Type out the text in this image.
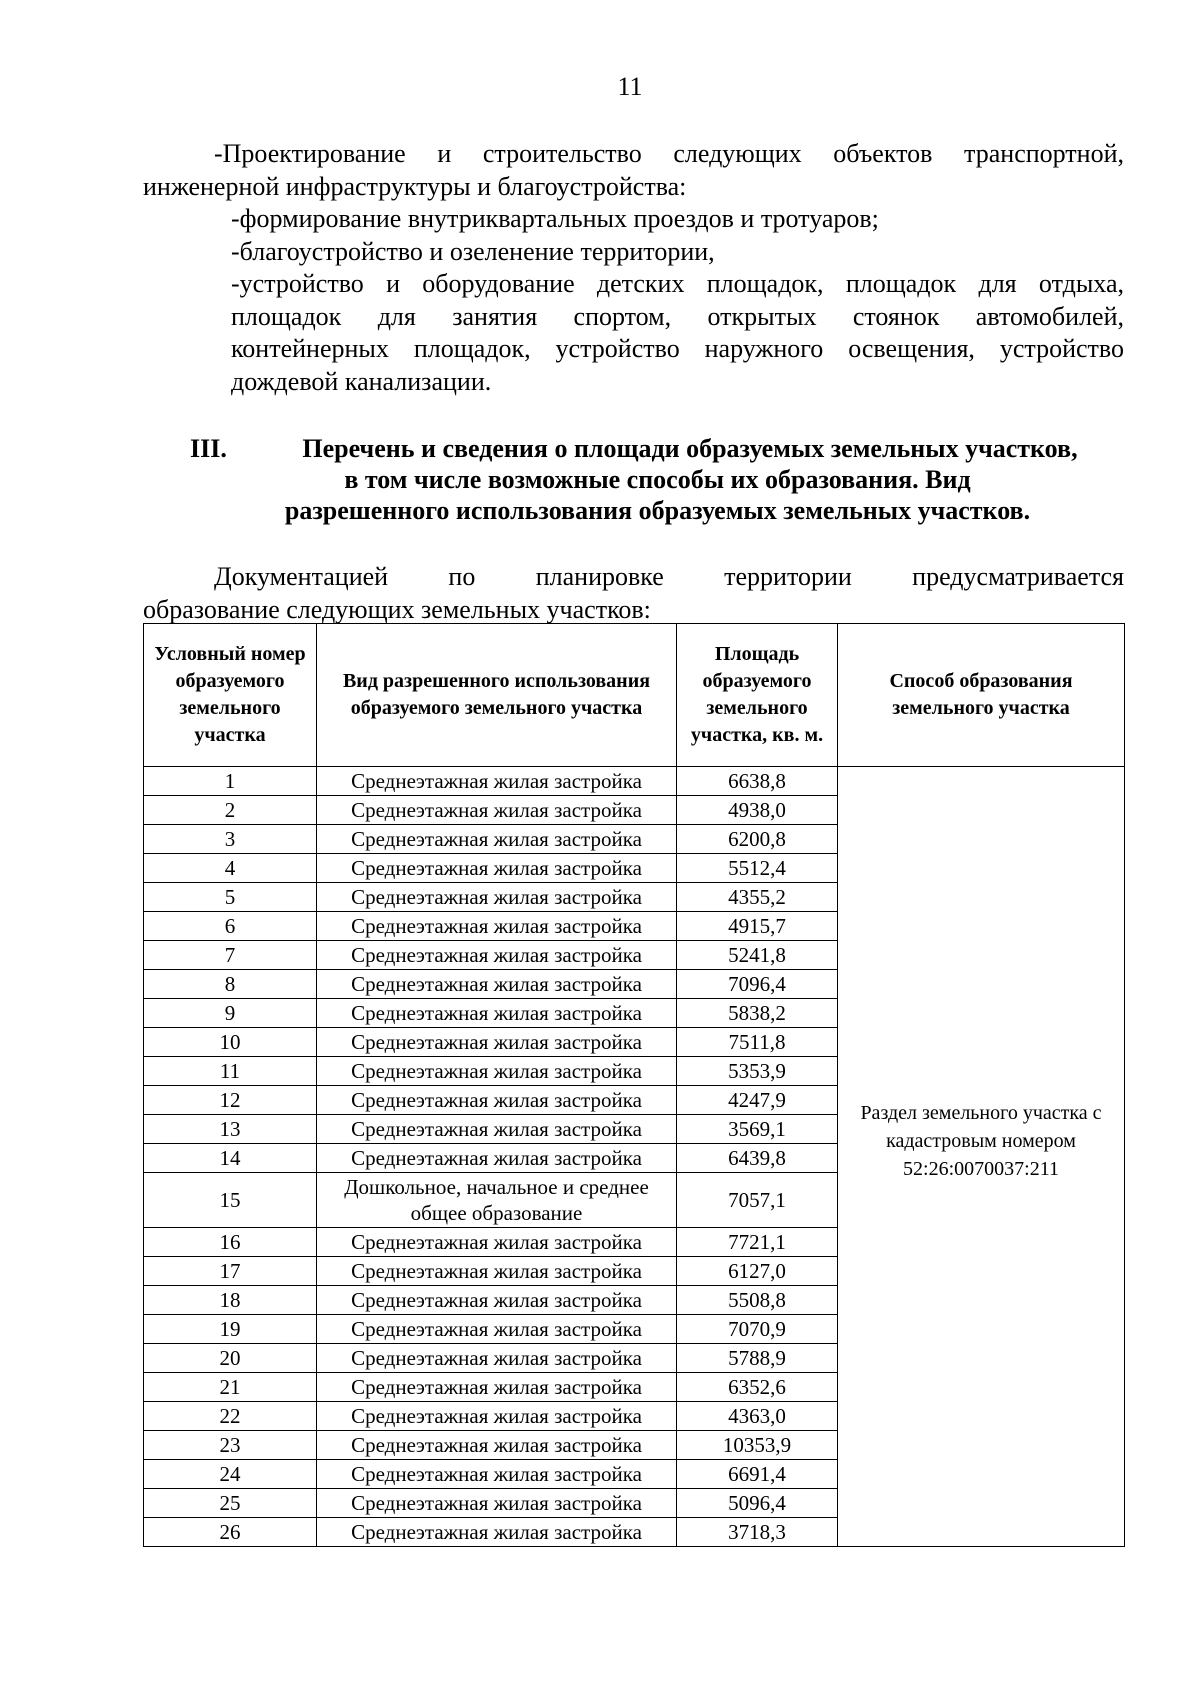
11
-Проектирование и строительство следующих объектов транспортной,
инженерной инфраструктуры и благоустройства:
-формирование внутриквартальных проездов и тротуаров;
-благоустройство и озеленение территории,
-устройство и оборудование детских площадок, площадок для отдыха,
площадок для занятия спортом, открытых стоянок автомобилей,
контейнерных площадок, устройство наружного освещения, устройство
дождевой канализации.
III.	Перечень и сведения о площади образуемых земельных участков,
в том числе возможные способы их образования. Вид
разрешенного использования образуемых земельных участков.
Документацией по планировке территории предусматривается
образование следующих земельных участков:
Условный номер образуемого земельного участка	Вид разрешенного использования образуемого земельного участка	Площадь образуемого земельного участка, кв. м.	Способ образования земельного участка
1	Среднеэтажная жилая застройка	6638,8	Раздел земельного участка с кадастровым номером 52:26:0070037:211

2	Среднеэтажная жилая застройка	4938,0	
3	Среднеэтажная жилая застройка	6200,8	
4	Среднеэтажная жилая застройка	5512,4	
5	Среднеэтажная жилая застройка	4355,2	
6	Среднеэтажная жилая застройка	4915,7	
7	Среднеэтажная жилая застройка	5241,8	
8	Среднеэтажная жилая застройка	7096,4	
9	Среднеэтажная жилая застройка	5838,2	
10	Среднеэтажная жилая застройка	7511,8	
11	Среднеэтажная жилая застройка	5353,9	
12	Среднеэтажная жилая застройка	4247,9	
13	Среднеэтажная жилая застройка	3569,1	
14	Среднеэтажная жилая застройка	6439,8	
15	Дошкольное, начальное и среднее общее образование	7057,1	
16	Среднеэтажная жилая застройка	7721,1	
17	Среднеэтажная жилая застройка	6127,0	
18	Среднеэтажная жилая застройка	5508,8	
19	Среднеэтажная жилая застройка	7070,9	
20	Среднеэтажная жилая застройка	5788,9	
21	Среднеэтажная жилая застройка	6352,6	
22	Среднеэтажная жилая застройка	4363,0	
23	Среднеэтажная жилая застройка	10353,9	
24	Среднеэтажная жилая застройка	6691,4	
25	Среднеэтажная жилая застройка	5096,4	
26	Среднеэтажная жилая застройка	3718,3	
